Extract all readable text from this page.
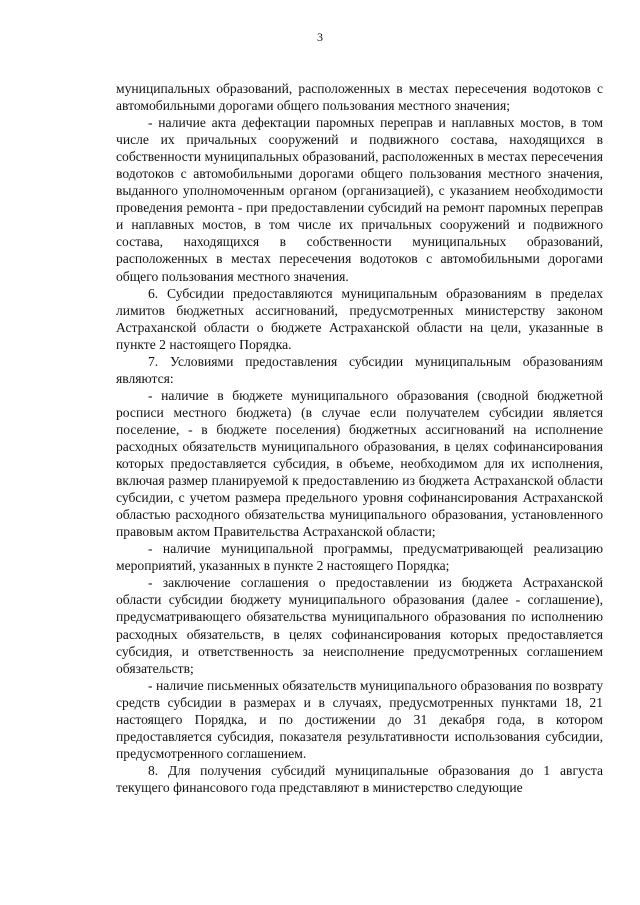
3

муниципальных образований, расположенных в местах пересечения водотоков с автомобильными дорогами общего пользования местного значения;

- наличие акта дефектации паромных переправ и наплавных мостов, в том числе их причальных сооружений и подвижного состава, находящихся в собственности муниципальных образований, расположенных в местах пересечения водотоков с автомобильными дорогами общего пользования местного значения, выданного уполномоченным органом (организацией), с указанием необходимости проведения ремонта - при предоставлении субсидий на ремонт паромных переправ и наплавных мостов, в том числе их причальных сооружений и подвижного состава, находящихся в собственности муниципальных образований, расположенных в местах пересечения водотоков с автомобильными дорогами общего пользования местного значения.

6. Субсидии предоставляются муниципальным образованиям в пределах лимитов бюджетных ассигнований, предусмотренных министерству законом Астраханской области о бюджете Астраханской области на цели, указанные в пункте 2 настоящего Порядка.

7. Условиями предоставления субсидии муниципальным образованиям являются:

- наличие в бюджете муниципального образования (сводной бюджетной росписи местного бюджета) (в случае если получателем субсидии является поселение, - в бюджете поселения) бюджетных ассигнований на исполнение расходных обязательств муниципального образования, в целях софинансирования которых предоставляется субсидия, в объеме, необходимом для их исполнения, включая размер планируемой к предоставлению из бюджета Астраханской области субсидии, с учетом размера предельного уровня софинансирования Астраханской областью расходного обязательства муниципального образования, установленного правовым актом Правительства Астраханской области;

- наличие муниципальной программы, предусматривающей реализацию мероприятий, указанных в пункте 2 настоящего Порядка;

- заключение соглашения о предоставлении из бюджета Астраханской области субсидии бюджету муниципального образования (далее - соглашение), предусматривающего обязательства муниципального образования по исполнению расходных обязательств, в целях софинансирования которых предоставляется субсидия, и ответственность за неисполнение предусмотренных соглашением обязательств;

- наличие письменных обязательств муниципального образования по возврату средств субсидии в размерах и в случаях, предусмотренных пунктами 18, 21 настоящего Порядка, и по достижении до 31 декабря года, в котором предоставляется субсидия, показателя результативности использования субсидии, предусмотренного соглашением.

8. Для получения субсидий муниципальные образования до 1 августа текущего финансового года представляют в министерство следующие
